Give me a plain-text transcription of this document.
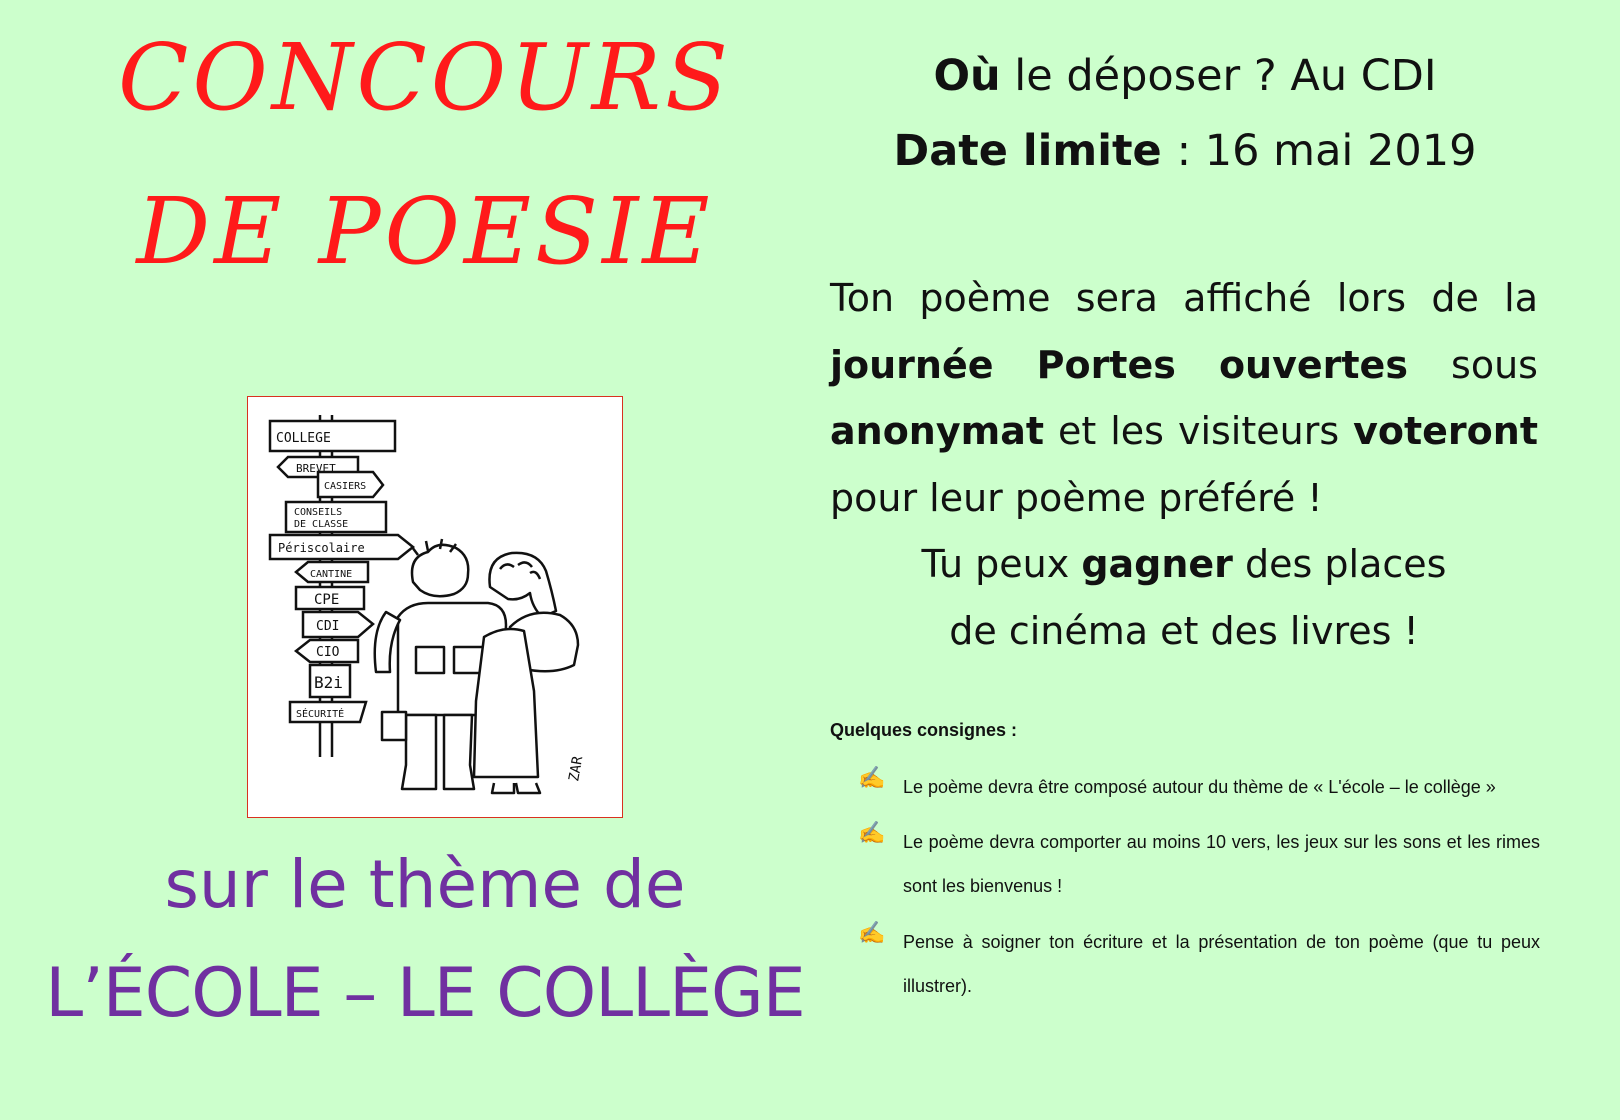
CONCOURS
DE POESIE
COLLEGE
BREVET
CASIERS
CONSEILS
DE CLASSE
Périscolaire
CANTINE
CPE
CDI
CIO
B2i
SÉCURITÉ
ZAR
sur le thème de
L’ÉCOLE – LE COLLÈGE
Où le déposer ? Au CDI
Date limite : 16 mai 2019
Ton poème sera affiché lors de la
journée Portes ouvertes sous
anonymat et les visiteurs voteront
pour leur poème préféré !
Tu peux gagner des places
de cinéma et des livres !
Quelques consignes :
✍ Le poème devra être composé autour du thème de « L'école – le collège »
✍ Le poème devra comporter au moins 10 vers, les jeux sur les sons et les rimes sont les bienvenus !
✍ Pense à soigner ton écriture et la présentation de ton poème (que tu peux illustrer).
